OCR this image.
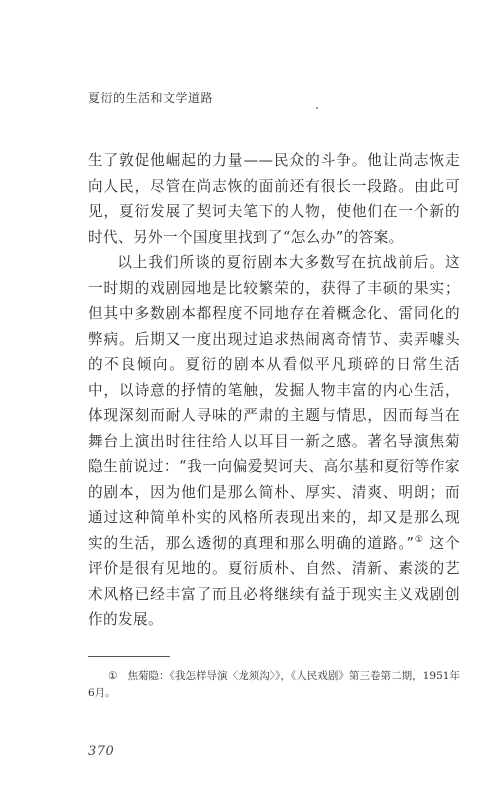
夏衍的生活和文学道路

生了敦促他崛起的力量——民众的斗争。他让尚志恢走向人民，尽管在尚志恢的面前还有很长一段路。由此可见，夏衍发展了契诃夫笔下的人物，使他们在一个新的时代、另外一个国度里找到了“怎么办”的答案。

以上我们所谈的夏衍剧本大多数写在抗战前后。这一时期的戏剧园地是比较繁荣的，获得了丰硕的果实；但其中多数剧本都程度不同地存在着概念化、雷同化的弊病。后期又一度出现过追求热闹离奇情节、卖弄噱头的不良倾向。夏衍的剧本从看似平凡琐碎的日常生活中，以诗意的抒情的笔触，发掘人物丰富的内心生活，体现深刻而耐人寻味的严肃的主题与情思，因而每当在舞台上演出时往往给人以耳目一新之感。著名导演焦菊隐生前说过：“我一向偏爱契诃夫、高尔基和夏衍等作家的剧本，因为他们是那么简朴、厚实、清爽、明朗；而通过这种简单朴实的风格所表现出来的，却又是那么现实的生活，那么透彻的真理和那么明确的道路。”① 这个评价是很有见地的。夏衍质朴、自然、清新、素淡的艺术风格已经丰富了而且必将继续有益于现实主义戏剧创作的发展。

① 焦菊隐：《我怎样导演〈龙须沟〉》，《人民戏剧》第三卷第二期，1951年6月。
370
